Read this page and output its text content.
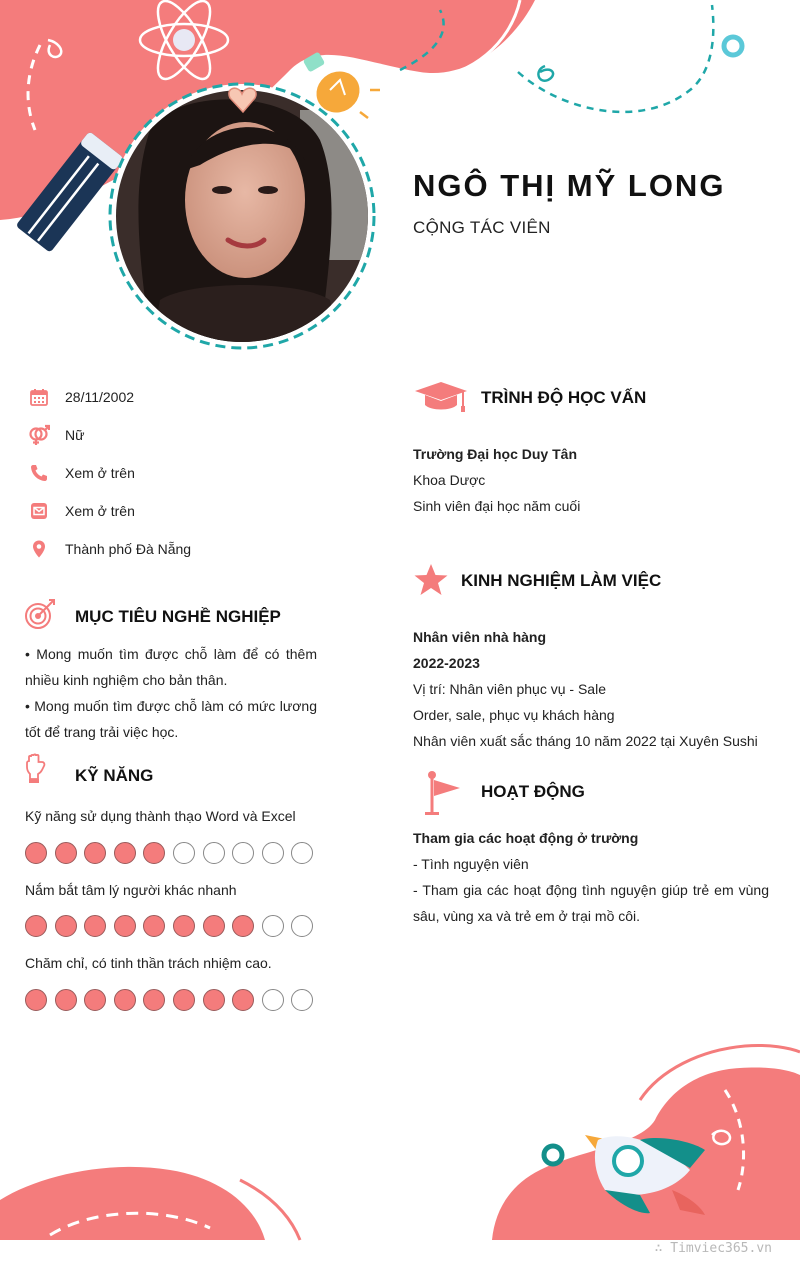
NGÔ THỊ MỸ LONG
CỘNG TÁC VIÊN
28/11/2002
Nữ
Xem ở trên
Xem ở trên
Thành phố Đà Nẵng
MỤC TIÊU NGHỀ NGHIỆP
• Mong muốn tìm được chỗ làm để có thêm nhiều kinh nghiệm cho bản thân.
• Mong muốn tìm được chỗ làm có mức lương tốt để trang trải việc học.
KỸ NĂNG
Kỹ năng sử dụng thành thạo Word và Excel
Nắm bắt tâm lý người khác nhanh
Chăm chỉ, có tinh thần trách nhiệm cao.
TRÌNH ĐỘ HỌC VẤN
Trường Đại học Duy Tân
Khoa Dược
Sinh viên đại học năm cuối
KINH NGHIỆM LÀM VIỆC
Nhân viên nhà hàng
2022-2023
Vị trí: Nhân viên phục vụ - Sale
Order, sale, phục vụ khách hàng
Nhân viên xuất sắc tháng 10 năm 2022 tại Xuyên Sushi
HOẠT ĐỘNG
Tham gia các hoạt động ở trường
- Tình nguyện viên
- Tham gia các hoạt động tình nguyện giúp trẻ em vùng sâu, vùng xa và trẻ em ở trại mồ côi.
∴ Timviec365.vn
